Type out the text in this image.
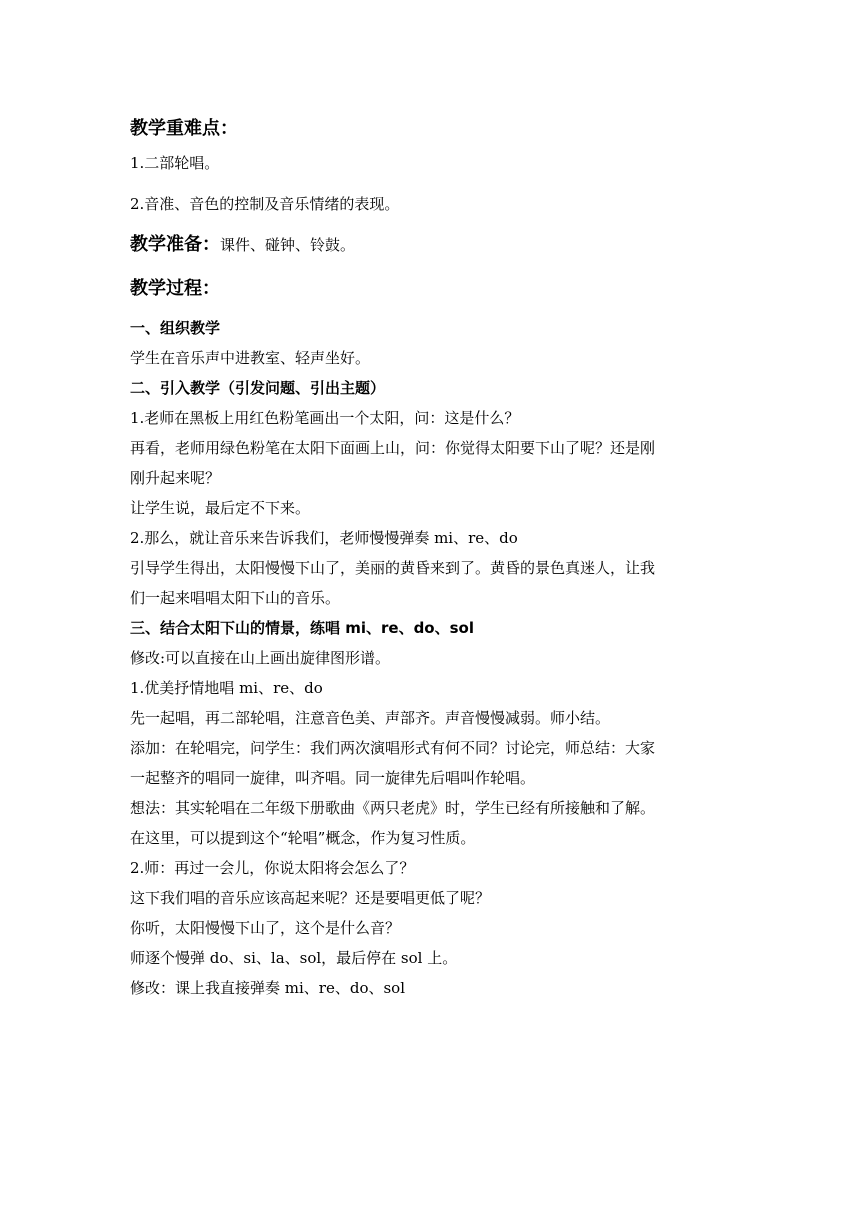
教学重难点：
1.二部轮唱。
2.音准、音色的控制及音乐情绪的表现。
教学准备：课件、碰钟、铃鼓。
教学过程：
一、组织教学
学生在音乐声中进教室、轻声坐好。
二、引入教学（引发问题、引出主题）
1.老师在黑板上用红色粉笔画出一个太阳，问：这是什么？
再看，老师用绿色粉笔在太阳下面画上山，问：你觉得太阳要下山了呢？还是刚
刚升起来呢？
让学生说，最后定不下来。
2.那么，就让音乐来告诉我们，老师慢慢弹奏 mi、re、do
引导学生得出，太阳慢慢下山了，美丽的黄昏来到了。黄昏的景色真迷人，让我
们一起来唱唱太阳下山的音乐。
三、结合太阳下山的情景，练唱 mi、re、do、sol
修改:可以直接在山上画出旋律图形谱。
1.优美抒情地唱 mi、re、do
先一起唱，再二部轮唱，注意音色美、声部齐。声音慢慢减弱。师小结。
添加：在轮唱完，问学生：我们两次演唱形式有何不同？讨论完，师总结：大家
一起整齐的唱同一旋律，叫齐唱。同一旋律先后唱叫作轮唱。
想法：其实轮唱在二年级下册歌曲《两只老虎》时，学生已经有所接触和了解。
在这里，可以提到这个“轮唱”概念，作为复习性质。
2.师：再过一会儿，你说太阳将会怎么了？
这下我们唱的音乐应该高起来呢？还是要唱更低了呢？
你听，太阳慢慢下山了，这个是什么音？
师逐个慢弹 do、si、la、sol，最后停在 sol 上。
修改：课上我直接弹奏 mi、re、do、sol
